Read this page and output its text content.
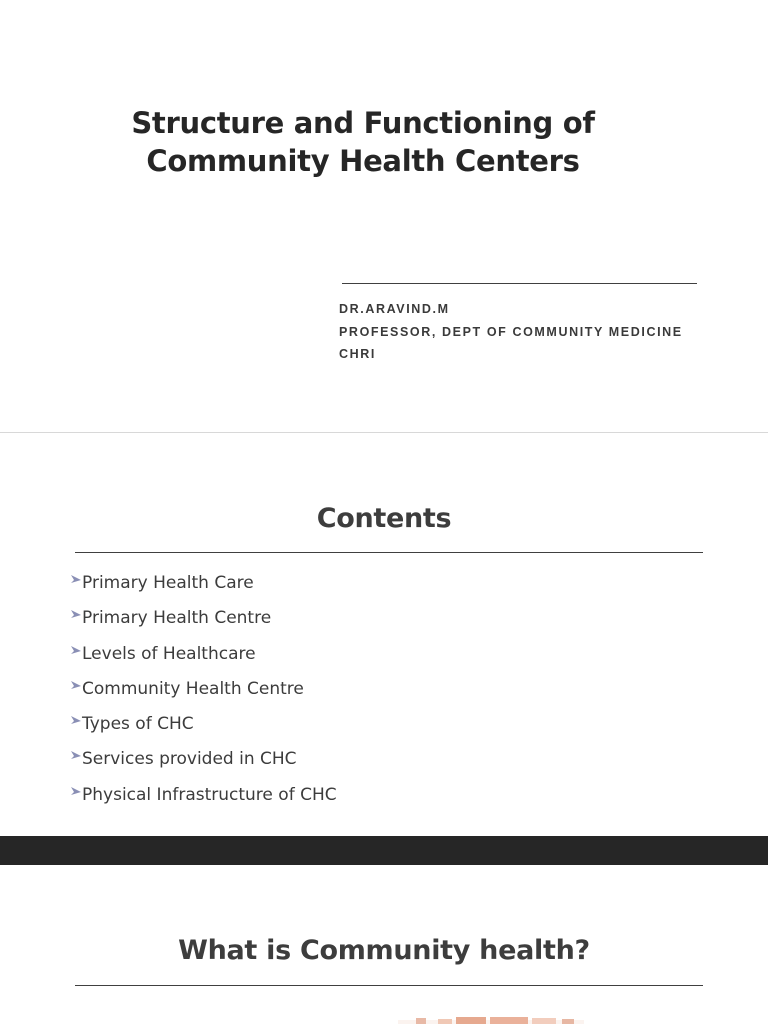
Structure and Functioning of
Community Health Centers
DR.ARAVIND.M
PROFESSOR, DEPT OF COMMUNITY MEDICINE
CHRI
Contents
Primary Health Care
Primary Health Centre
Levels of Healthcare
Community Health Centre
Types of CHC
Services provided in CHC
Physical Infrastructure of CHC
What is Community health?
